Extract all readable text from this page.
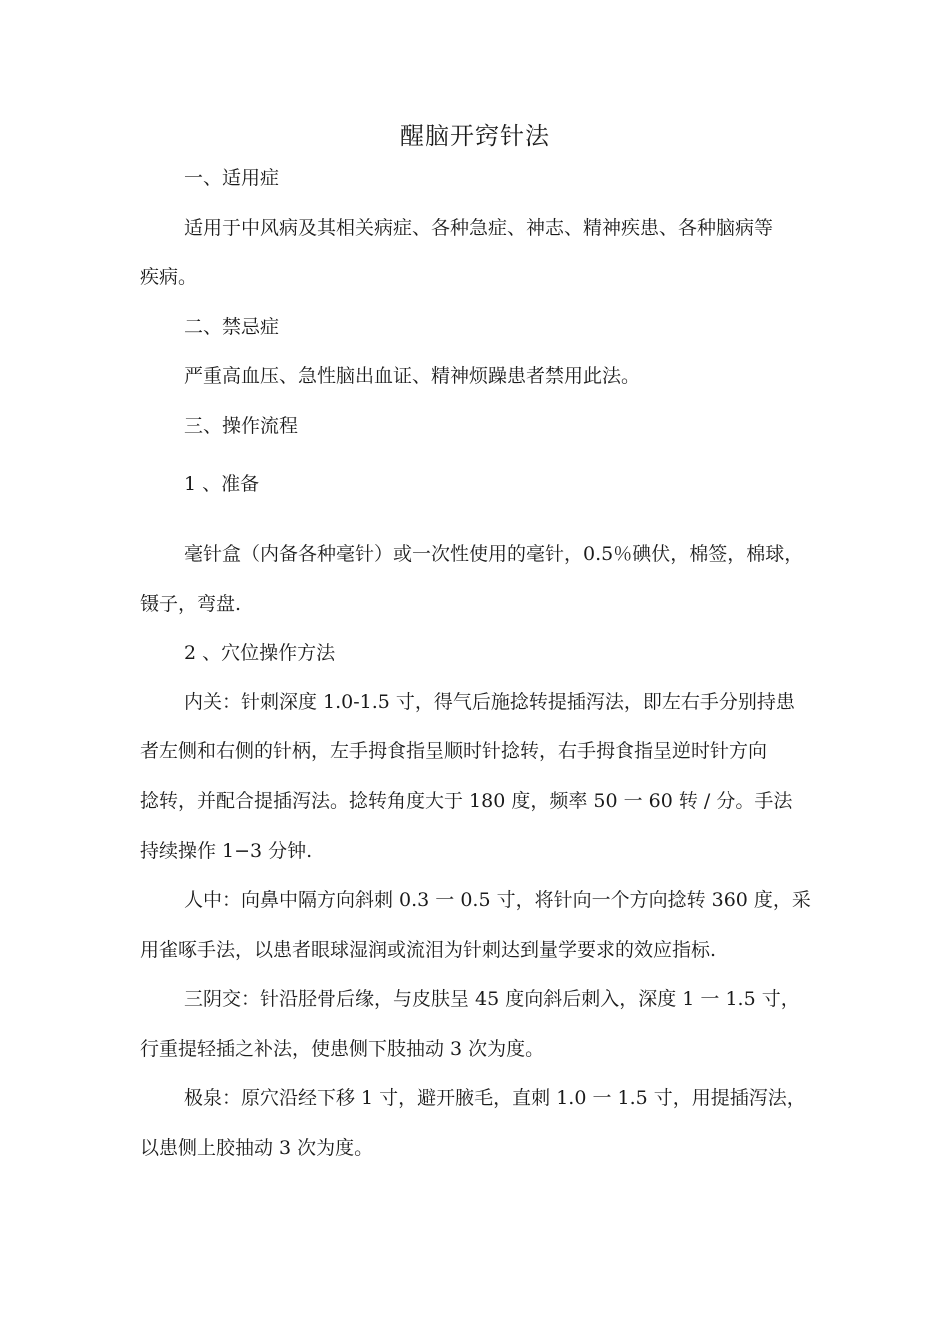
醒脑开窍针法
一、适用症
适用于中风病及其相关病症、各种急症、神志、精神疾患、各种脑病等
疾病。
二、禁忌症
严重高血压、急性脑出血证、精神烦躁患者禁用此法。
三、操作流程
1 、准备
毫针盒（内备各种毫针）或一次性使用的毫针，0.5％碘伏，棉签，棉球，
镊子，弯盘.
2 、穴位操作方法
内关：针刺深度 1.0-1.5 寸，得气后施捻转提插泻法，即左右手分别持患
者左侧和右侧的针柄，左手拇食指呈顺时针捻转，右手拇食指呈逆时针方向
捻转，并配合提插泻法。捻转角度大于 180 度，频率 50 一 60 转 / 分。手法
持续操作 1−3 分钟.
人中：向鼻中隔方向斜刺 0.3 一 0.5 寸，将针向一个方向捻转 360 度，采
用雀啄手法，以患者眼球湿润或流泪为针刺达到量学要求的效应指标.
三阴交：针沿胫骨后缘，与皮肤呈 45 度向斜后刺入，深度 1 一 1.5 寸，
行重提轻插之补法，使患侧下肢抽动 3 次为度。
极泉：原穴沿经下移 1 寸，避开腋毛，直刺 1.0 一 1.5 寸，用提插泻法，
以患侧上胶抽动 3 次为度。
